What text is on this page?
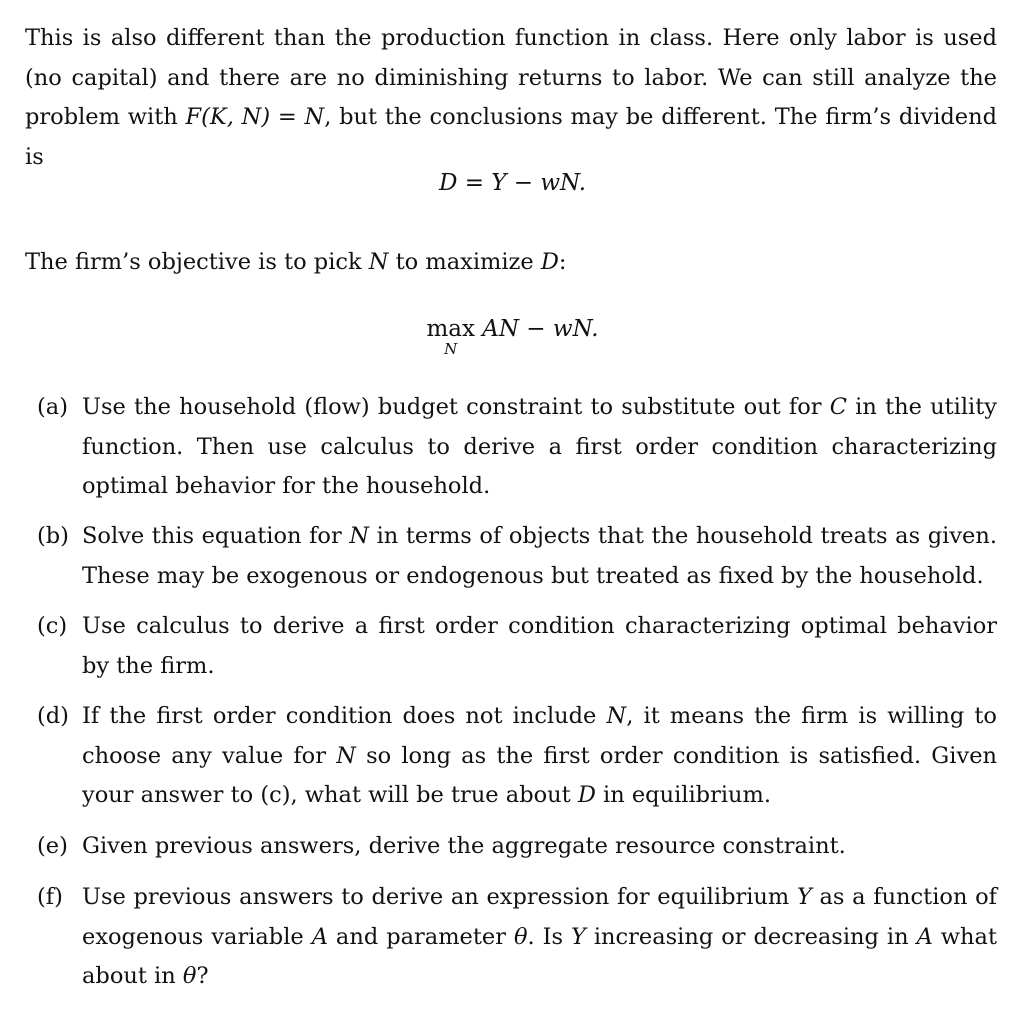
This is also different than the production function in class. Here only labor is used (no capital) and there are no diminishing returns to labor. We can still analyze the problem with F(K, N) = N, but the conclusions may be different. The firm’s dividend is

D = Y − wN.

The firm’s objective is to pick N to maximize D:

max
N
AN − wN.
(a) Use the household (flow) budget constraint to substitute out for C in the utility function. Then use calculus to derive a first order condition characterizing optimal behavior for the household.
(b) Solve this equation for N in terms of objects that the household treats as given. These may be exogenous or endogenous but treated as fixed by the household.
(c) Use calculus to derive a first order condition characterizing optimal behavior by the firm.
(d) If the first order condition does not include N, it means the firm is willing to choose any value for N so long as the first order condition is satisfied. Given your answer to (c), what will be true about D in equilibrium.
(e) Given previous answers, derive the aggregate resource constraint.
(f) Use previous answers to derive an expression for equilibrium Y as a function of exogenous variable A and parameter θ. Is Y increasing or decreasing in A what about in θ?
